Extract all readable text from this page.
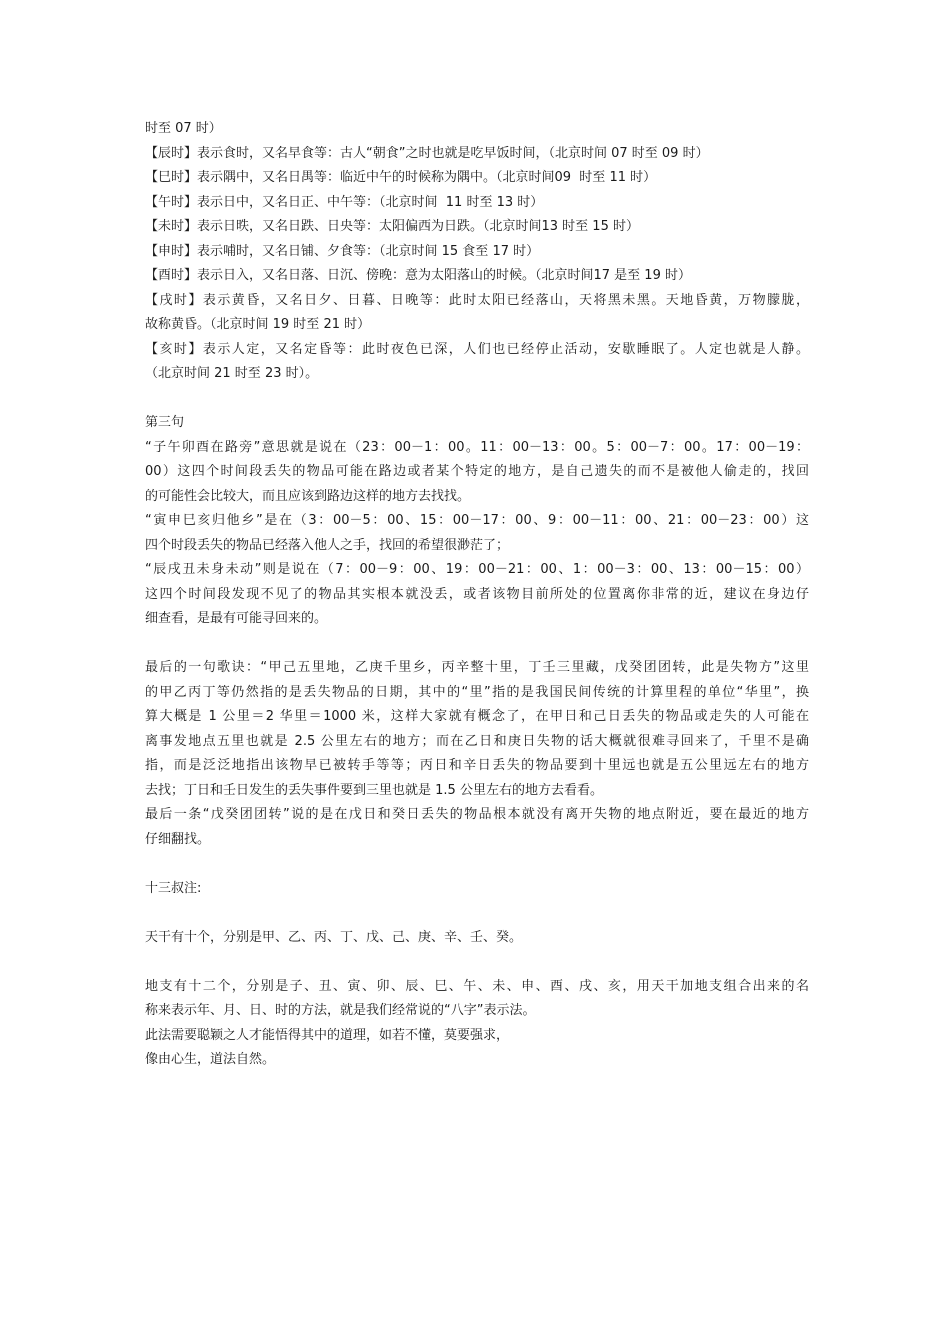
时至 07 时）
【辰时】表示食时，又名早食等：古人“朝食”之时也就是吃早饭时间，（北京时间 07 时至 09 时）
【巳时】表示隅中，又名日禺等：临近中午的时候称为隅中。（北京时间09  时至 11 时）
【午时】表示日中，又名日正、中午等：（北京时间  11 时至 13 时）
【未时】表示日昳，又名日跌、日央等：太阳偏西为日跌。（北京时间13 时至 15 时）
【申时】表示哺时，又名日铺、夕食等：（北京时间 15 食至 17 时）
【酉时】表示日入，又名日落、日沉、傍晚：意为太阳落山的时候。（北京时间17 是至 19 时）
【戌时】表示黄昏，又名日夕、日暮、日晚等：此时太阳已经落山，天将黑未黑。天地昏黄，万物朦胧，
故称黄昏。（北京时间 19 时至 21 时）
【亥时】表示人定，又名定昏等：此时夜色已深，人们也已经停止活动，安歇睡眠了。人定也就是人静。
（北京时间 21 时至 23 时）。
第三句
“子午卯酉在路旁”意思就是说在（23：00－1：00。11：00－13：00。5：00－7：00。17：00－19：
00）这四个时间段丢失的物品可能在路边或者某个特定的地方，是自己遗失的而不是被他人偷走的，找回
的可能性会比较大，而且应该到路边这样的地方去找找。
“寅申巳亥归他乡”是在（3：00－5：00、15：00－17：00、9：00－11：00、21：00－23：00）这
四个时段丢失的物品已经落入他人之手，找回的希望很渺茫了；
“辰戌丑未身未动”则是说在（7：00－9：00、19：00－21：00、1：00－3：00、13：00－15：00）
这四个时间段发现不见了的物品其实根本就没丢，或者该物目前所处的位置离你非常的近，建议在身边仔
细查看，是最有可能寻回来的。
最后的一句歌诀：“甲己五里地，乙庚千里乡，丙辛整十里，丁壬三里藏，戊癸团团转，此是失物方”这里
的甲乙丙丁等仍然指的是丢失物品的日期，其中的“里”指的是我国民间传统的计算里程的单位“华里”，换
算大概是 1 公里＝2 华里＝1000 米，这样大家就有概念了，在甲日和己日丢失的物品或走失的人可能在
离事发地点五里也就是 2.5 公里左右的地方；而在乙日和庚日失物的话大概就很难寻回来了，千里不是确
指，而是泛泛地指出该物早已被转手等等；丙日和辛日丢失的物品要到十里远也就是五公里远左右的地方
去找；丁日和壬日发生的丢失事件要到三里也就是 1.5 公里左右的地方去看看。
最后一条“戊癸团团转”说的是在戊日和癸日丢失的物品根本就没有离开失物的地点附近，要在最近的地方
仔细翻找。
十三叔注:
天干有十个，分别是甲、乙、丙、丁、戊、己、庚、辛、壬、癸。
地支有十二个，分别是子、丑、寅、卯、辰、巳、午、未、申、酉、戌、亥，用天干加地支组合出来的名
称来表示年、月、日、时的方法，就是我们经常说的“八字”表示法。
此法需要聪颖之人才能悟得其中的道理，如若不懂，莫要强求，
像由心生，道法自然。
